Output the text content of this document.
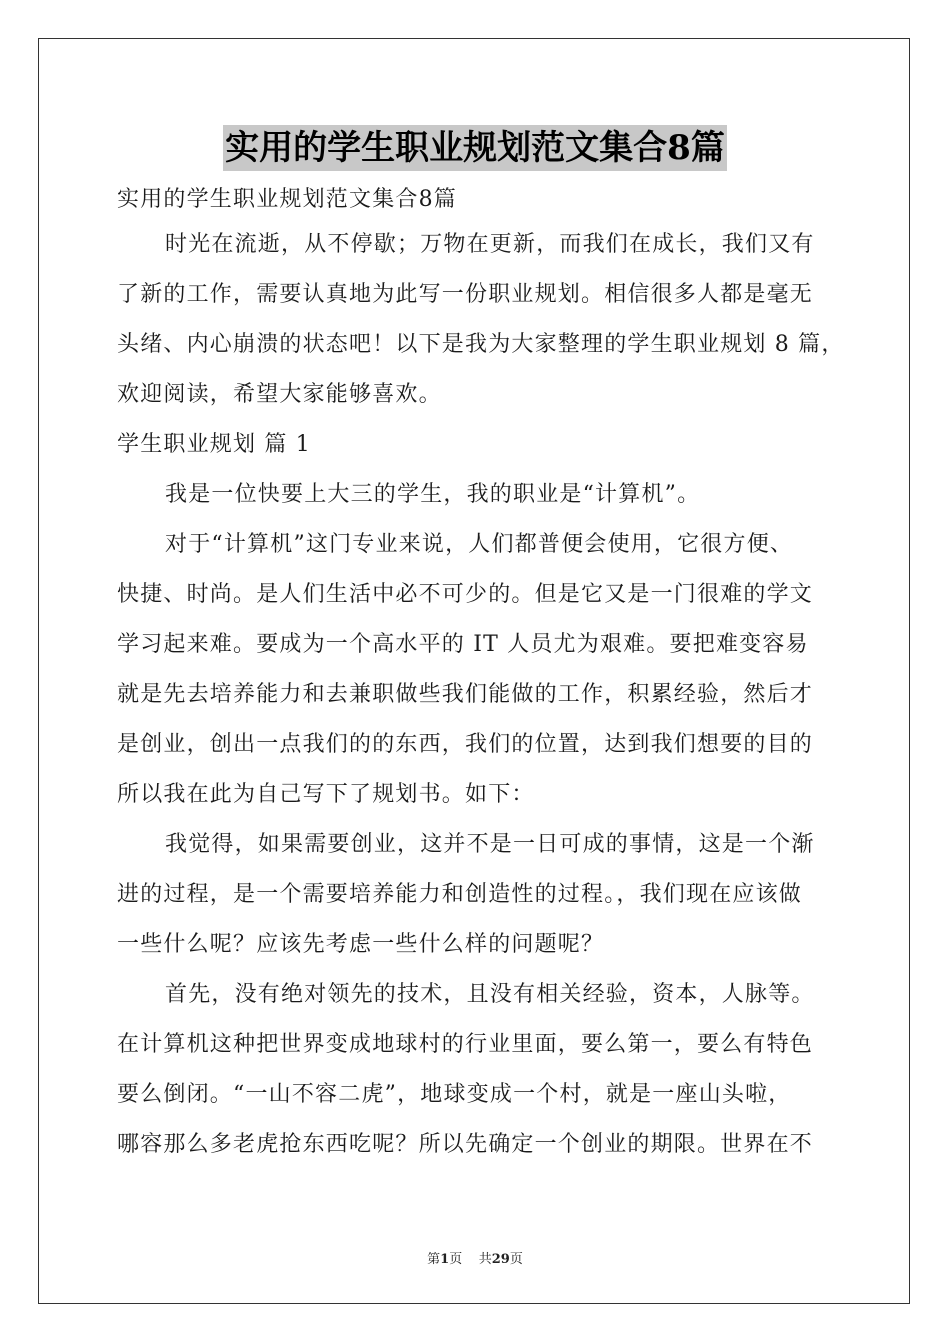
实用的学生职业规划范文集合8篇
实用的学生职业规划范文集合8篇
时光在流逝，从不停歇；万物在更新，而我们在成长，我们又有
了新的工作，需要认真地为此写一份职业规划。相信很多人都是毫无
头绪、内心崩溃的状态吧！以下是我为大家整理的学生职业规划 8 篇，
欢迎阅读，希望大家能够喜欢。
学生职业规划 篇 1
我是一位快要上大三的学生，我的职业是“计算机”。
对于“计算机”这门专业来说，人们都普便会使用，它很方便、
快捷、时尚。是人们生活中必不可少的。但是它又是一门很难的学文
学习起来难。要成为一个高水平的 IT 人员尤为艰难。要把难变容易
就是先去培养能力和去兼职做些我们能做的工作，积累经验，然后才
是创业，创出一点我们的的东西，我们的位置，达到我们想要的目的
所以我在此为自己写下了规划书。如下：
我觉得，如果需要创业，这并不是一日可成的事情，这是一个渐
进的过程，是一个需要培养能力和创造性的过程。，我们现在应该做
一些什么呢？应该先考虑一些什么样的问题呢？
首先，没有绝对领先的技术，且没有相关经验，资本，人脉等。
在计算机这种把世界变成地球村的行业里面，要么第一，要么有特色
要么倒闭。“一山不容二虎”，地球变成一个村，就是一座山头啦，
哪容那么多老虎抢东西吃呢？所以先确定一个创业的期限。世界在不
第1页    共29页
